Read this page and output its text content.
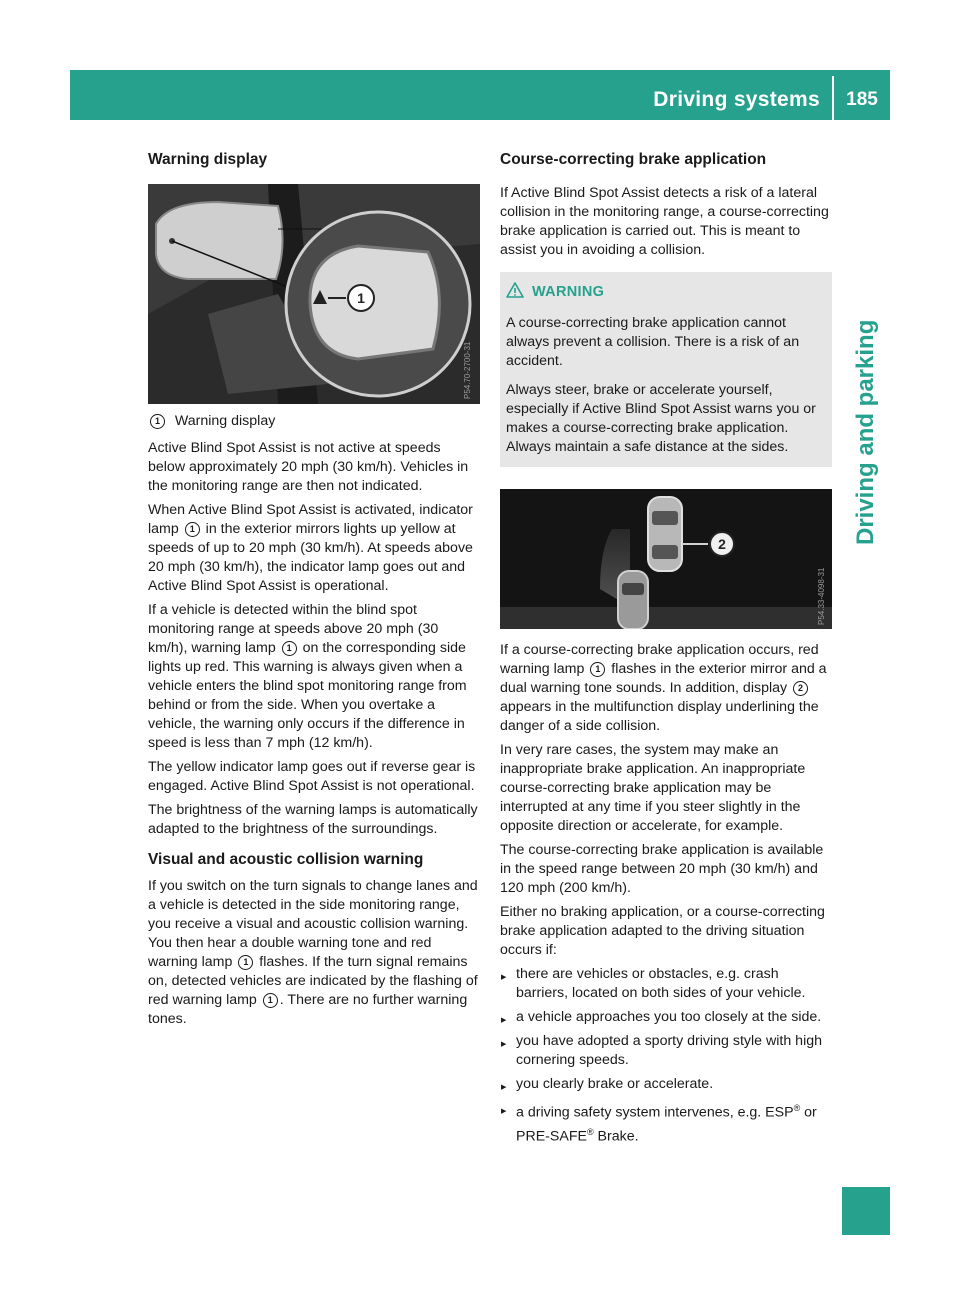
Driving systems	185
Driving and parking
Warning display
1
P54.70-2700-31

1 Warning display

Active Blind Spot Assist is not active at speeds below approximately 20 mph (30 km/h). Vehicles in the monitoring range are then not indicated.

When Active Blind Spot Assist is activated, indicator lamp 1 in the exterior mirrors lights up yellow at speeds of up to 20 mph (30 km/h). At speeds above 20 mph (30 km/h), the indicator lamp goes out and Active Blind Spot Assist is operational.

If a vehicle is detected within the blind spot monitoring range at speeds above 20 mph (30 km/h), warning lamp 1 on the corresponding side lights up red. This warning is always given when a vehicle enters the blind spot monitoring range from behind or from the side. When you overtake a vehicle, the warning only occurs if the difference in speed is less than 7 mph (12 km/h).

The yellow indicator lamp goes out if reverse gear is engaged. Active Blind Spot Assist is not operational.

The brightness of the warning lamps is automatically adapted to the brightness of the surroundings.

Visual and acoustic collision warning

If you switch on the turn signals to change lanes and a vehicle is detected in the side monitoring range, you receive a visual and acoustic collision warning. You then hear a double warning tone and red warning lamp 1 flashes. If the turn signal remains on, detected vehicles are indicated by the flashing of red warning lamp 1 . There are no further warning tones.

Course-correcting brake application

If Active Blind Spot Assist detects a risk of a lateral collision in the monitoring range, a course-correcting brake application is carried out. This is meant to assist you in avoiding a collision.

WARNING

A course-correcting brake application cannot always prevent a collision. There is a risk of an accident.

Always steer, brake or accelerate yourself, especially if Active Blind Spot Assist warns you or makes a course-correcting brake application. Always maintain a safe distance at the sides.

2
P54.33-4098-31

If a course-correcting brake application occurs, red warning lamp 1 flashes in the exterior mirror and a dual warning tone sounds. In addition, display 2 appears in the multifunction display underlining the danger of a side collision.

In very rare cases, the system may make an inappropriate brake application. An inappropriate course-correcting brake application may be interrupted at any time if you steer slightly in the opposite direction or accelerate, for example.

The course-correcting brake application is available in the speed range between 20 mph (30 km/h) and 120 mph (200 km/h).

Either no braking application, or a course-correcting brake application adapted to the driving situation occurs if:

▶ there are vehicles or obstacles, e.g. crash barriers, located on both sides of your vehicle.
▶ a vehicle approaches you too closely at the side.
▶ you have adopted a sporty driving style with high cornering speeds.
▶ you clearly brake or accelerate.
▶ a driving safety system intervenes, e.g. ESP® or PRE-SAFE® Brake.
